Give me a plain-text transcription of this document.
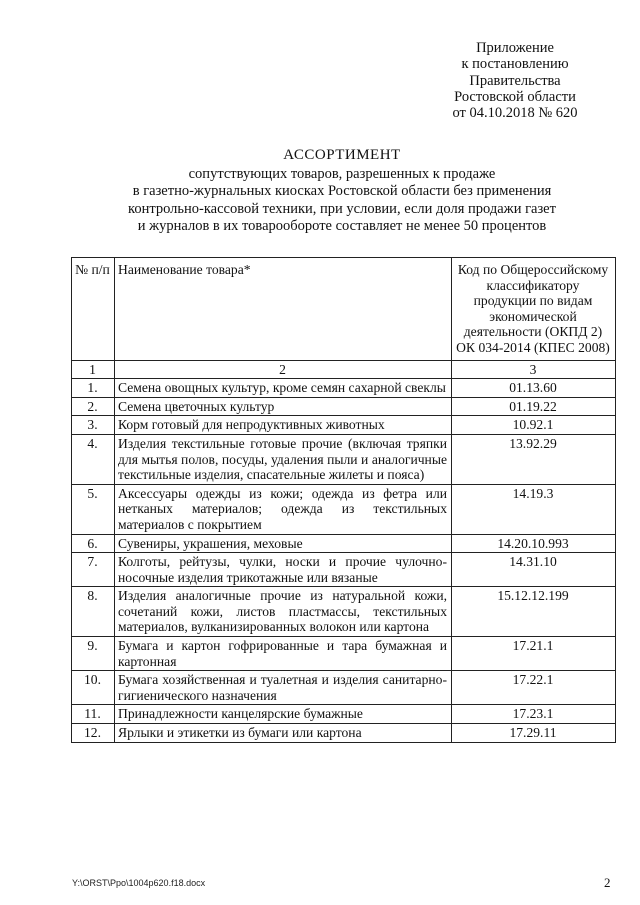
Приложение
к постановлению
Правительства
Ростовской области
от 04.10.2018 № 620
АССОРТИМЕНТ
сопутствующих товаров, разрешенных к продаже
в газетно-журнальных киосках Ростовской области без применения
контрольно-кассовой техники, при условии, если доля продажи газет
и журналов в их товарообороте составляет не менее 50 процентов
№ п/п	Наименование товара*	Код по Общероссийскому классификатору продукции по видам экономической деятельности (ОКПД 2) ОК 034-2014 (КПЕС 2008)
1	2	3
1.	Семена овощных культур, кроме семян сахарной свеклы	01.13.60
2.	Семена цветочных культур	01.19.22
3.	Корм готовый для непродуктивных животных	10.92.1
4.	Изделия текстильные готовые прочие (включая тряпки для мытья полов, посуды, удаления пыли и аналогичные текстильные изделия, спасательные жилеты и пояса)	13.92.29
5.	Аксессуары одежды из кожи; одежда из фетра или нетканых материалов; одежда из текстильных материалов с покрытием	14.19.3
6.	Сувениры, украшения, меховые	14.20.10.993
7.	Колготы, рейтузы, чулки, носки и прочие чулочно-носочные изделия трикотажные или вязаные	14.31.10
8.	Изделия аналогичные прочие из натуральной кожи, сочетаний кожи, листов пластмассы, текстильных материалов, вулканизированных волокон или картона	15.12.12.199
9.	Бумага и картон гофрированные и тара бумажная и картонная	17.21.1
10.	Бумага хозяйственная и туалетная и изделия санитарно-гигиенического назначения	17.22.1
11.	Принадлежности канцелярские бумажные	17.23.1
12.	Ярлыки и этикетки из бумаги или картона	17.29.11
Y:\ORST\Ppo\1004p620.f18.docx	2
